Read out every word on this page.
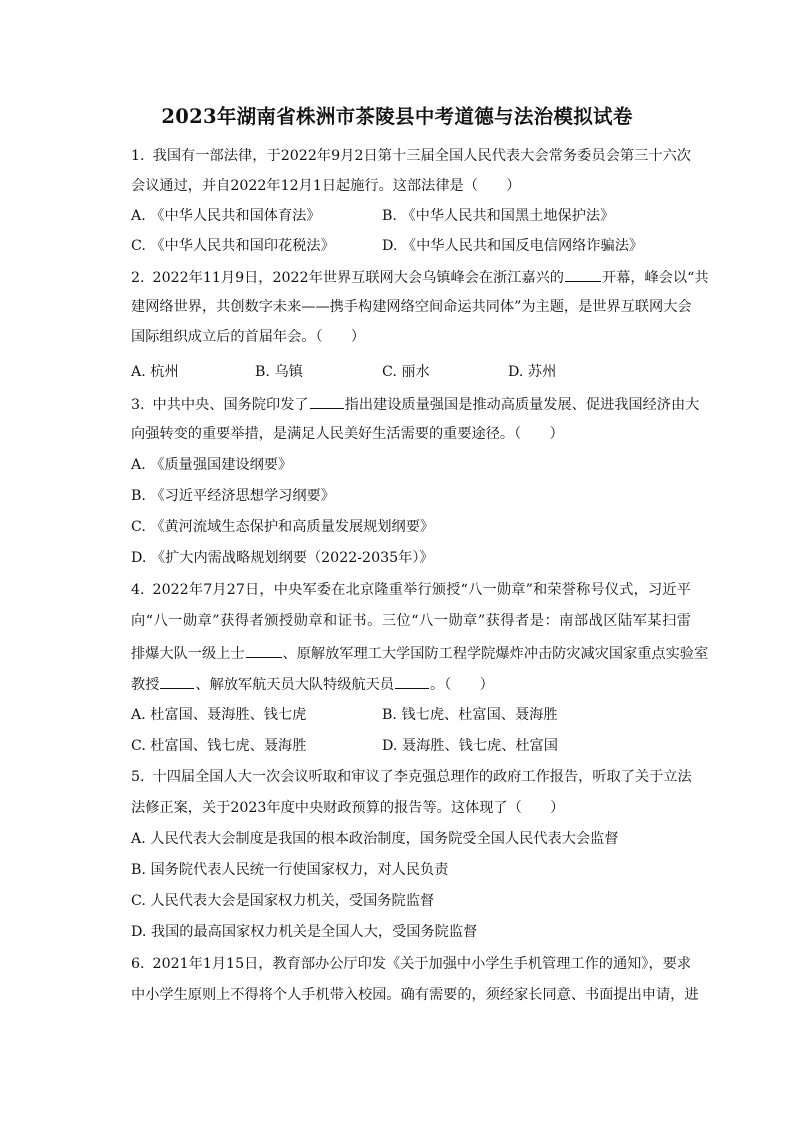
2023年湖南省株洲市茶陵县中考道德与法治模拟试卷
1. 我国有一部法律，于2022年9月2日第十三届全国人民代表大会常务委员会第三十六次
会议通过，并自2022年12月1日起施行。这部法律是（　　）
A. 《中华人民共和国体育法》	B. 《中华人民共和国黑土地保护法》
C. 《中华人民共和国印花税法》	D. 《中华人民共和国反电信网络诈骗法》
2. 2022年11月9日，2022年世界互联网大会乌镇峰会在浙江嘉兴的	开幕，峰会以“共
建网络世界，共创数字未来——携手构建网络空间命运共同体”为主题，是世界互联网大会
国际组织成立后的首届年会。（　　）
A. 杭州	B. 乌镇	C. 丽水	D. 苏州
3. 中共中央、国务院印发了	指出建设质量强国是推动高质量发展、促进我国经济由大
向强转变的重要举措，是满足人民美好生活需要的重要途径。（　　）
A. 《质量强国建设纲要》
B. 《习近平经济思想学习纲要》
C. 《黄河流域生态保护和高质量发展规划纲要》
D. 《扩大内需战略规划纲要（2022-2035年）》
4. 2022年7月27日，中央军委在北京隆重举行颁授“八一勋章”和荣誉称号仪式，习近平
向“八一勋章”获得者颁授勋章和证书。三位“八一勋章”获得者是：南部战区陆军某扫雷
排爆大队一级上士	、原解放军理工大学国防工程学院爆炸冲击防灾减灾国家重点实验室
教授	、解放军航天员大队特级航天员	。（　　）
A. 杜富国、聂海胜、钱七虎	B. 钱七虎、杜富国、聂海胜
C. 杜富国、钱七虎、聂海胜	D. 聂海胜、钱七虎、杜富国
5. 十四届全国人大一次会议听取和审议了李克强总理作的政府工作报告，听取了关于立法
法修正案，关于2023年度中央财政预算的报告等。这体现了（　　）
A. 人民代表大会制度是我国的根本政治制度，国务院受全国人民代表大会监督
B. 国务院代表人民统一行使国家权力，对人民负责
C. 人民代表大会是国家权力机关，受国务院监督
D. 我国的最高国家权力机关是全国人大，受国务院监督
6. 2021年1月15日，教育部办公厅印发《关于加强中小学生手机管理工作的通知》，要求
中小学生原则上不得将个人手机带入校园。确有需要的，须经家长同意、书面提出申请，进
